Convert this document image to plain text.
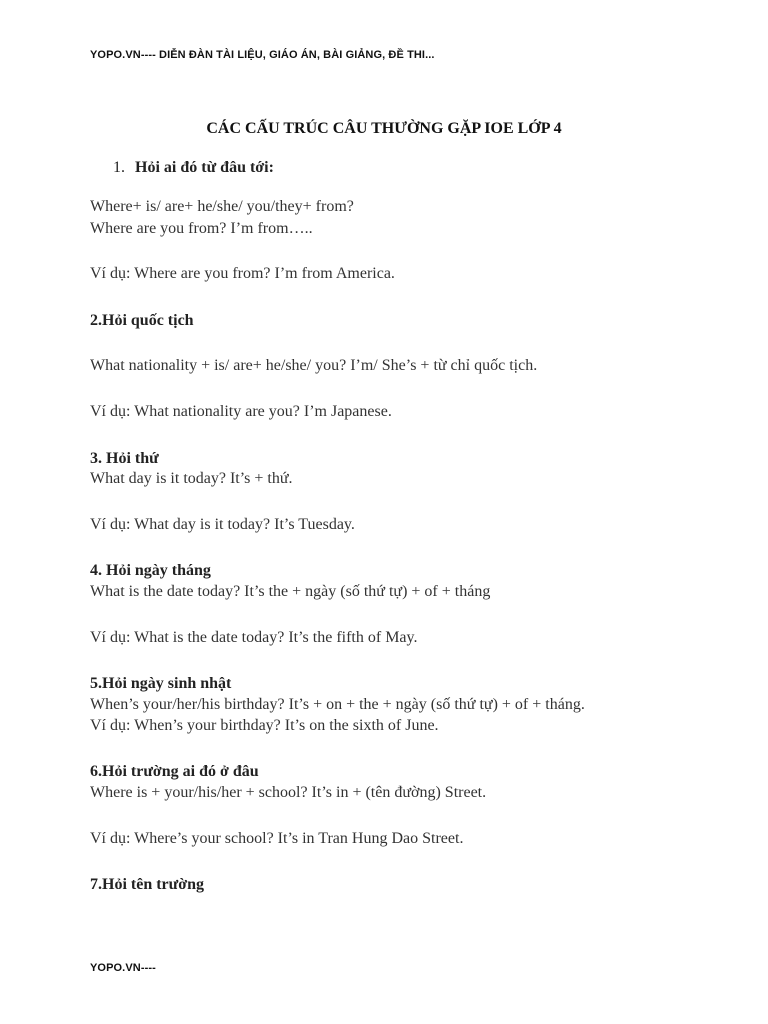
YOPO.VN---- DIỄN ĐÀN TÀI LIỆU, GIÁO ÁN, BÀI GIẢNG, ĐỀ THI...
CÁC CẤU TRÚC CÂU THƯỜNG GẶP IOE LỚP 4
1. Hỏi ai đó từ đâu tới:
Where+ is/ are+ he/she/ you/they+ from?
Where are you from? I’m from…..
Ví dụ: Where are you from? I’m from America.
2.Hỏi quốc tịch
What nationality + is/ are+ he/she/ you? I’m/ She’s + từ chỉ quốc tịch.
Ví dụ: What nationality are you? I’m Japanese.
3. Hỏi thứ
What day is it today? It’s + thứ.
Ví dụ: What day is it today? It’s Tuesday.
4. Hỏi ngày tháng
What is the date today? It’s the + ngày (số thứ tự) + of + tháng
Ví dụ: What is the date today? It’s the fifth of May.
5.Hỏi ngày sinh nhật
When’s your/her/his birthday? It’s + on + the + ngày (số thứ tự) + of + tháng.
Ví dụ: When’s your birthday? It’s on the sixth of June.
6.Hỏi trường ai đó ở đâu
Where is + your/his/her + school? It’s in + (tên đường) Street.
Ví dụ: Where’s your school? It’s in Tran Hung Dao Street.
7.Hỏi tên trường
YOPO.VN----
